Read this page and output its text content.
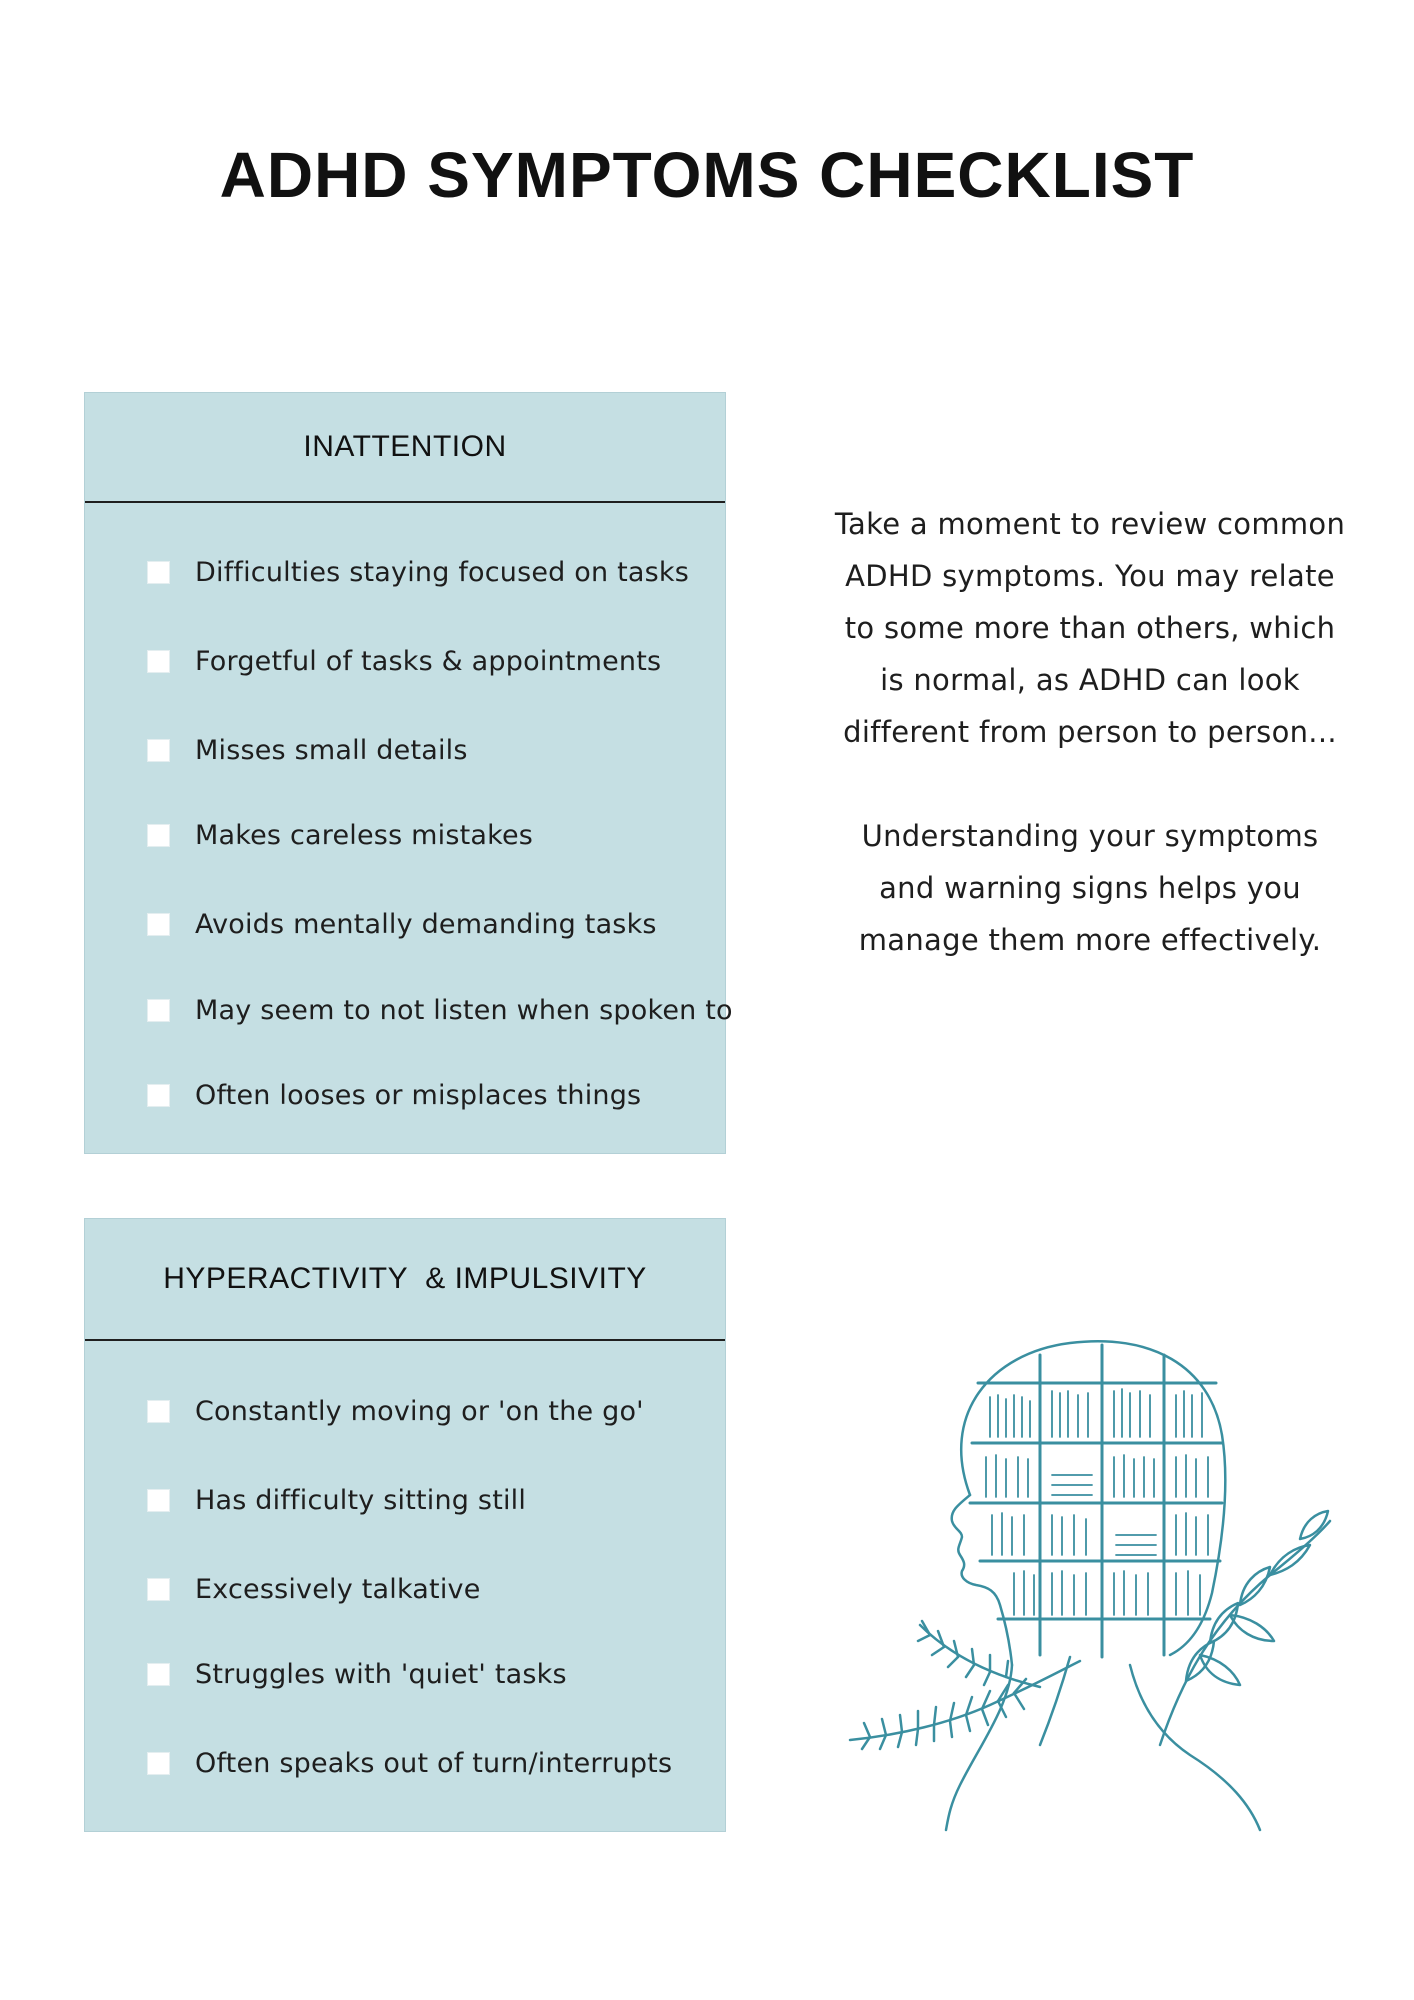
ADHD SYMPTOMS CHECKLIST
INATTENTION
Difficulties staying focused on tasks
Forgetful of tasks & appointments
Misses small details
Makes careless mistakes
Avoids mentally demanding tasks
May seem to not listen when spoken to
Often looses or misplaces things
HYPERACTIVITY  & IMPULSIVITY
Constantly moving or 'on the go'
Has difficulty sitting still
Excessively talkative
Struggles with 'quiet' tasks
Often speaks out of turn/interrupts

Take a moment to review common ADHD symptoms. You may relate to some more than others, which is normal, as ADHD can look different from person to person...

Understanding your symptoms and warning signs helps you manage them more effectively.
